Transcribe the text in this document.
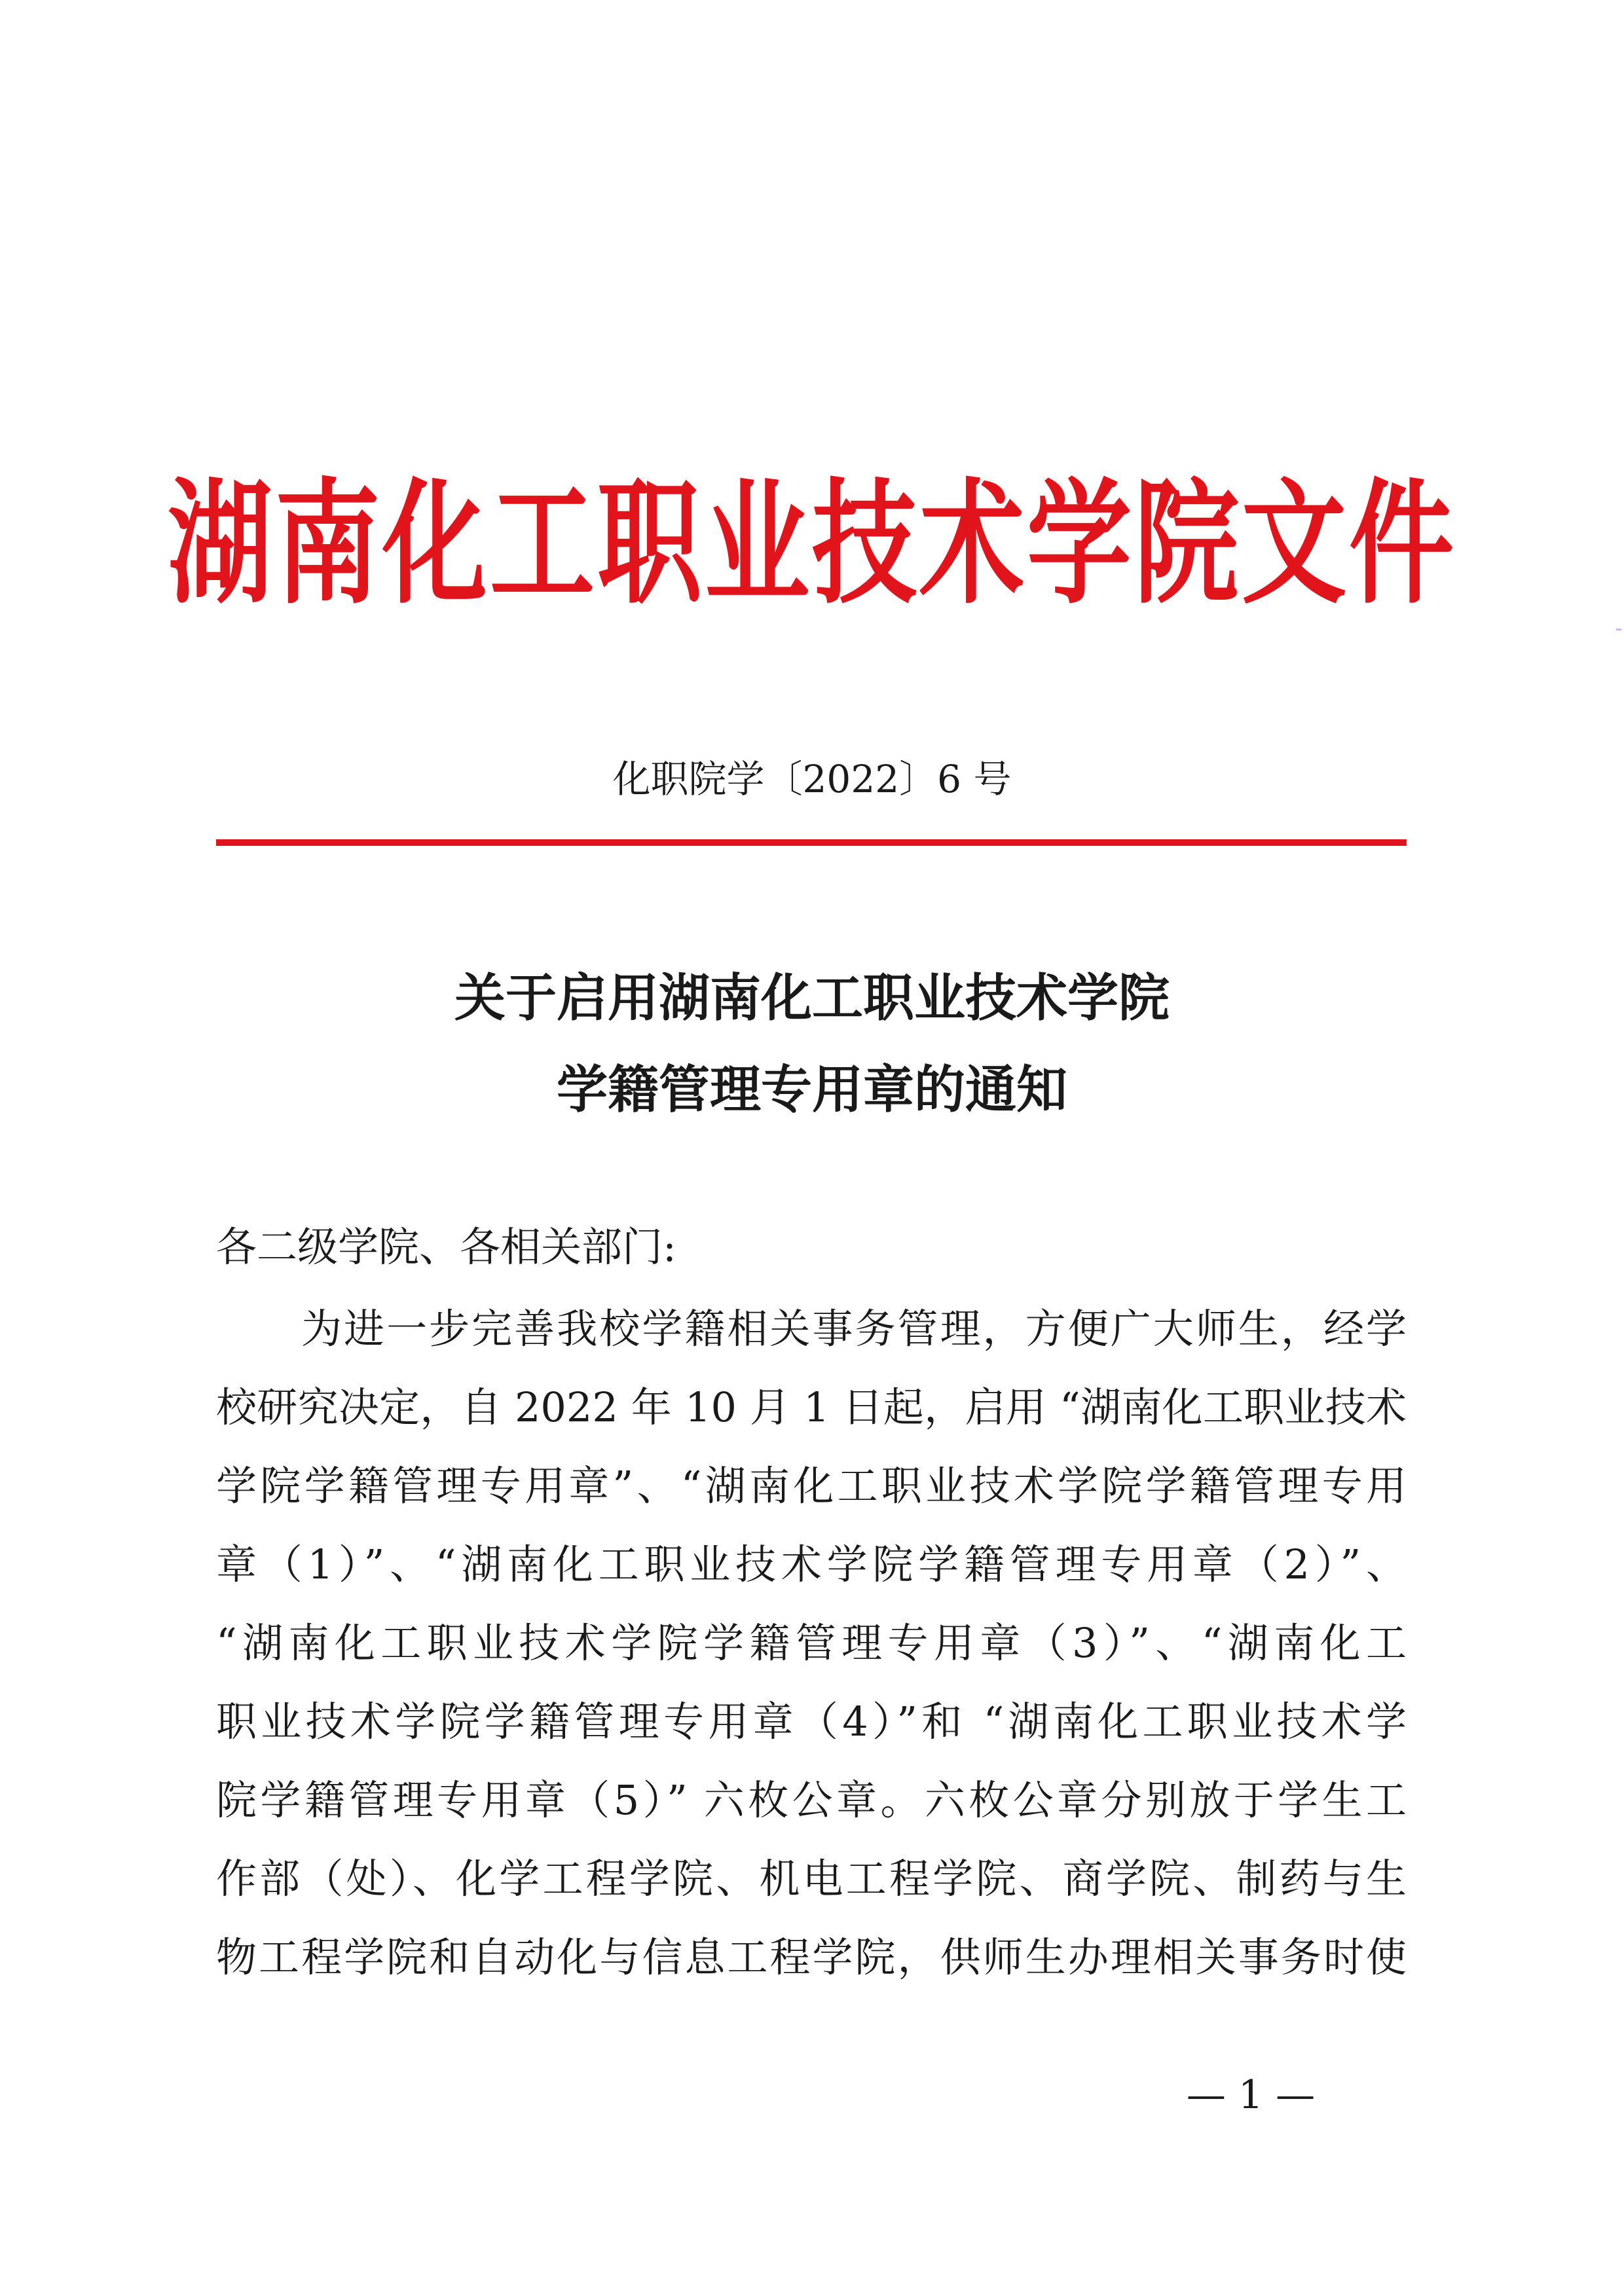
湖南化工职业技术学院文件
化职院学〔2022〕6 号
关于启用湖南化工职业技术学院
学籍管理专用章的通知
各二级学院、各相关部门:
为进一步完善我校学籍相关事务管理，方便广大师生，经学
校研究决定，自 2022 年 10 月 1 日起，启用 “湖南化工职业技术
学院学籍管理专用章”、“湖南化工职业技术学院学籍管理专用
章（1）”、“湖南化工职业技术学院学籍管理专用章（2）”、
“湖南化工职业技术学院学籍管理专用章（3）”、“湖南化工
职业技术学院学籍管理专用章（4）”和 “湖南化工职业技术学
院学籍管理专用章（5）” 六枚公章。六枚公章分别放于学生工
作部（处）、化学工程学院、机电工程学院、商学院、制药与生
物工程学院和自动化与信息工程学院，供师生办理相关事务时使
— 1 —
